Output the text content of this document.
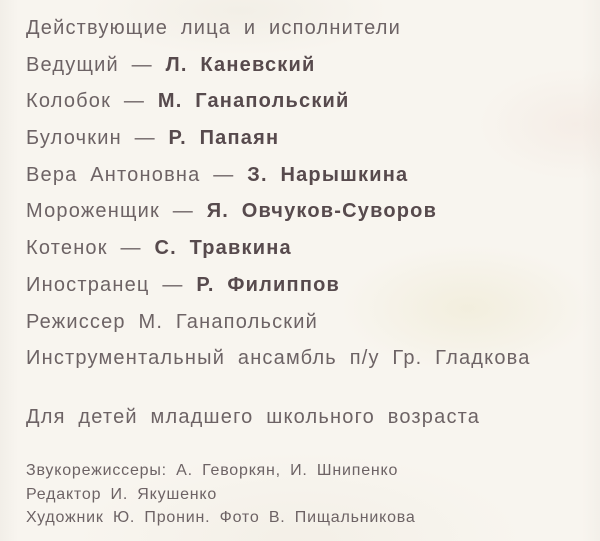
Действующие лица и исполнители
Ведущий — Л. Каневский
Колобок — М. Ганапольский
Булочкин — Р. Папаян
Вера Антоновна — З. Нарышкина
Мороженщик — Я. Овчуков-Суворов
Котенок — С. Травкина
Иностранец — Р. Филиппов
Режиссер М. Ганапольский
Инструментальный ансамбль п/у Гр. Гладкова
Для детей младшего школьного возраста
Звукорежиссеры: А. Геворкян, И. Шнипенко
Редактор И. Якушенко
Художник Ю. Пронин. Фото В. Пищальникова
